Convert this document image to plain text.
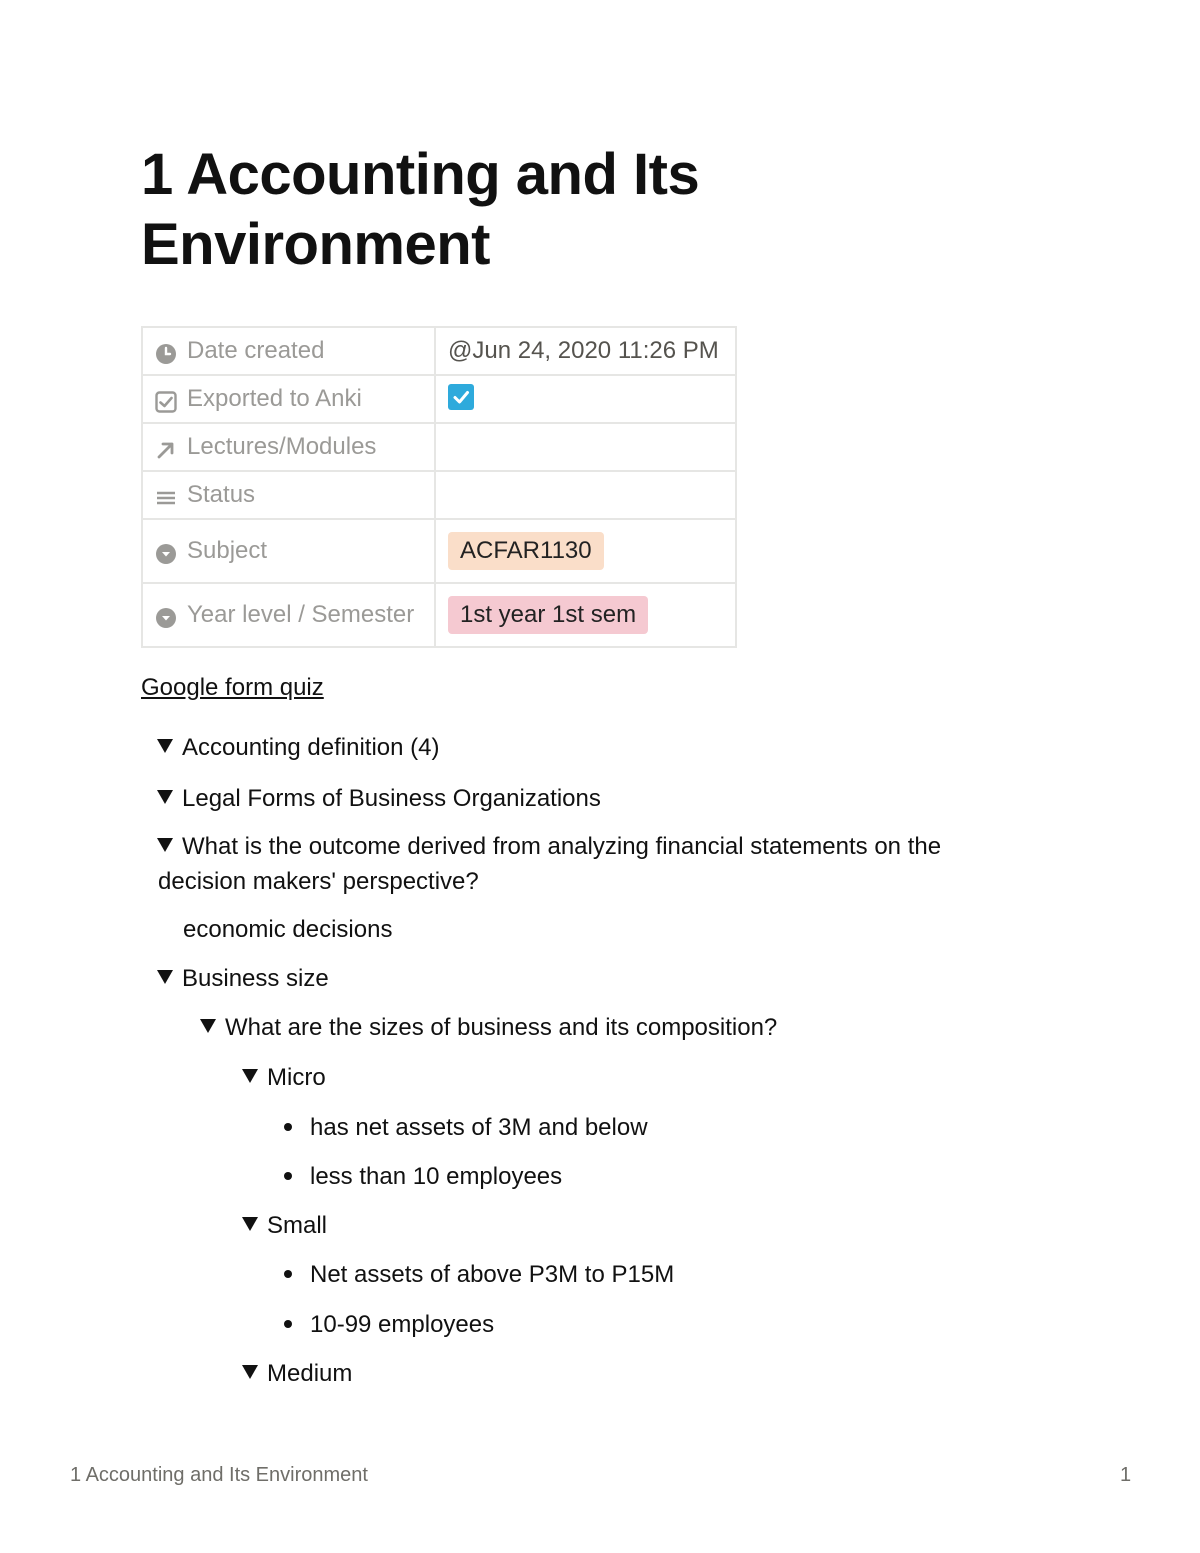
1 Accounting and Its Environment
Date created	@Jun 24, 2020 11:26 PM

Exported to Anki

Lectures/Modules	

Status	

Subject	ACFAR1130

Year level / Semester	1st year 1st sem
Google form quiz
Accounting definition (4)
Legal Forms of Business Organizations
What is the outcome derived from analyzing financial statements on the
decision makers' perspective?
economic decisions
Business size
What are the sizes of business and its composition?
Micro
has net assets of 3M and below
less than 10 employees
Small
Net assets of above P3M to P15M
10-99 employees
Medium
1 Accounting and Its Environment	1
